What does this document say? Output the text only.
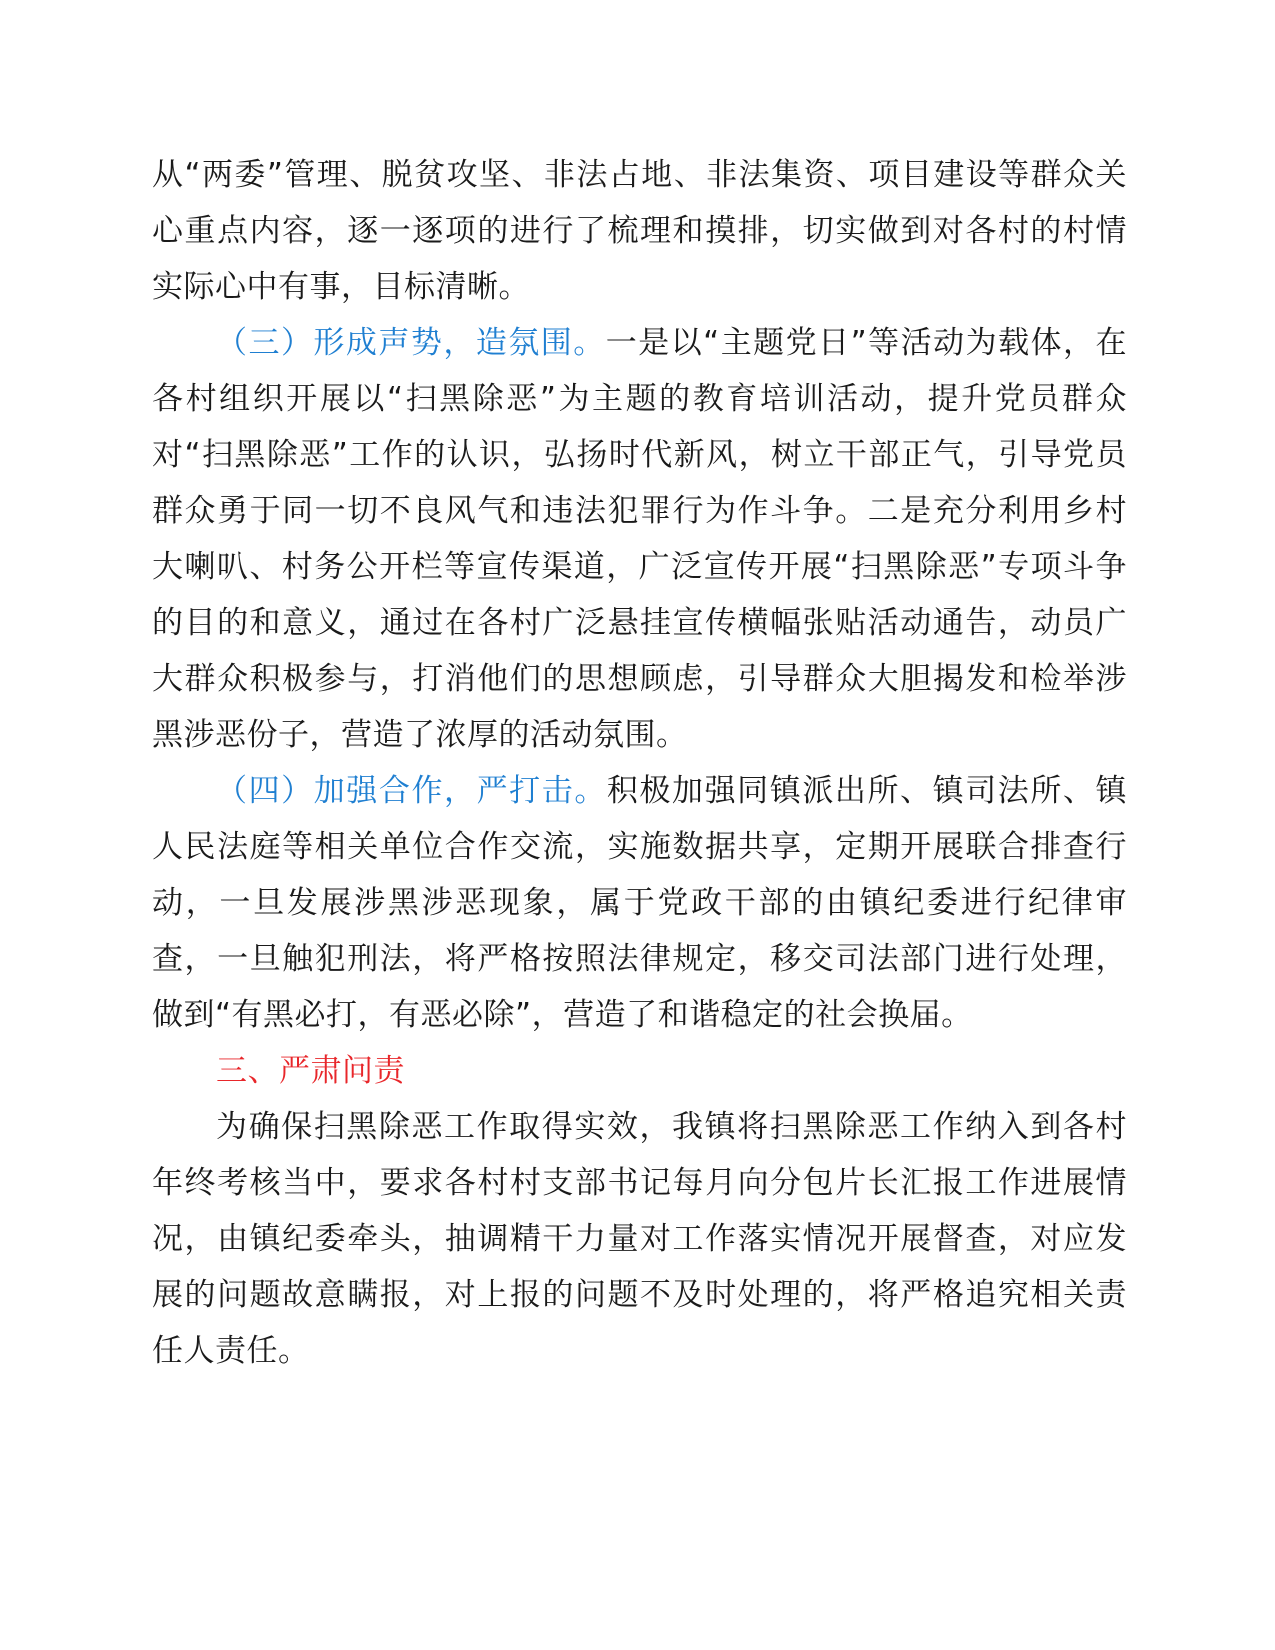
从“两委”管理、脱贫攻坚、非法占地、非法集资、项目建设等群众关心重点内容，逐一逐项的进行了梳理和摸排，切实做到对各村的村情实际心中有事，目标清晰。

（三）形成声势，造氛围。一是以“主题党日”等活动为载体，在各村组织开展以“扫黑除恶”为主题的教育培训活动，提升党员群众对“扫黑除恶”工作的认识，弘扬时代新风，树立干部正气，引导党员群众勇于同一切不良风气和违法犯罪行为作斗争。二是充分利用乡村大喇叭、村务公开栏等宣传渠道，广泛宣传开展“扫黑除恶”专项斗争的目的和意义，通过在各村广泛悬挂宣传横幅张贴活动通告，动员广大群众积极参与，打消他们的思想顾虑，引导群众大胆揭发和检举涉黑涉恶份子，营造了浓厚的活动氛围。

（四）加强合作，严打击。积极加强同镇派出所、镇司法所、镇人民法庭等相关单位合作交流，实施数据共享，定期开展联合排查行动，一旦发展涉黑涉恶现象，属于党政干部的由镇纪委进行纪律审查，一旦触犯刑法，将严格按照法律规定，移交司法部门进行处理，做到“有黑必打，有恶必除”，营造了和谐稳定的社会换届。

三、严肃问责

为确保扫黑除恶工作取得实效，我镇将扫黑除恶工作纳入到各村年终考核当中，要求各村村支部书记每月向分包片长汇报工作进展情况，由镇纪委牵头，抽调精干力量对工作落实情况开展督查，对应发展的问题故意瞒报，对上报的问题不及时处理的，将严格追究相关责任人责任。
